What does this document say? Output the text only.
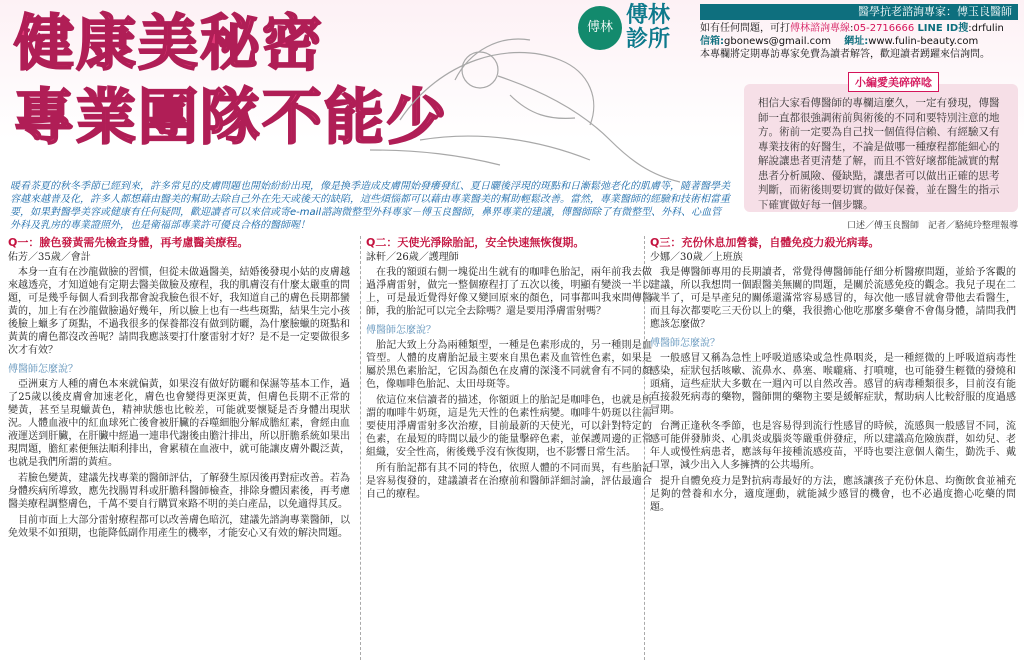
健康美秘密
專業團隊不能少
傅林 傅林
診所
醫學抗老諮詢專家：傅玉良醫師
如有任何問題，可打傅林諮詢專線:05-2716666 LINE ID搜:drfulin
信箱:gbonews@gmail.com 　 網址:www.fulin-beauty.com
本專欄將定期專訪專家免費為讀者解答，歡迎讀者踴躍來信詢問。
相信大家看傳醫師的專欄這麼久，一定有發現，傳醫師一直都很強調術前與術後的不同和要特別注意的地方。術前一定要為自己找一個值得信賴、有經驗又有專業技術的好醫生，不論是做哪一種療程都能細心的解說讓患者更清楚了解，而且不管好壞都能誠實的幫患者分析風險、優缺點，讓患者可以做出正確的思考判斷，而術後則要切實的做好保養，並在醫生的指示下確實做好每一個步驟。
小編愛美碎碎唸
口述／傅玉良醫師　記者／駱純玲整理報導
暖看茶夏的秋冬季節已經到來，許多常見的皮膚問題也開始紛紛出現，像是換季造成皮膚開始發癢發紅、夏日曬後浮現的斑點和日漸鬆弛老化的肌膚等，隨著醫學美容越來越普及化，許多人都想藉由醫美的幫助去除自己外在先天或後天的缺陷，這些煩惱都可以藉由專業醫美的幫助輕鬆改善。當然，專業醫師的經驗和技術相當重要，如果對醫學美容或健康有任何疑問，歡迎讀者可以來信或寄e-mail諮詢微整型外科專家－傅玉良醫師，鼻界專業的建議，傳醫師除了有微整型、外科、心血管外科及乳房的專業證照外，也是衛福部專業許可優良合格的醫師喔！
Q一：臉色發黃需先檢查身體，再考慮醫美療程。
佑芳／35歲／會計
本身一直有在沙龍做臉的習慣，但從未做過醫美，結婚後發現小姑的皮膚越來越透亮，才知道她有定期去醫美做臉及療程，我的肌膚沒有什麼太嚴重的問題，可是幾乎每個人看到我都會說我臉色很不好，我知道自己的膚色長期都蠻黃的，加上有在沙龍做臉過好幾年，所以臉上也有一些些斑點，結果生完小孩後臉上蠟多了斑點，不過我很多的保養都沒有做到防曬，為什麼臉蠟的斑點和黃黃的膚色都沒改善呢？請問我應該要打什麼雷射才好？是不是一定要做很多次才有效？
傅醫師怎麼說？
亞洲東方人種的膚色本來就偏黃，如果沒有做好防曬和保濕等基本工作，過了25歲以後皮膚會加速老化，膚色也會變得更深更黃，但膚色長期不正常的變黃，甚至呈現蠟黃色，精神狀態也比較差，可能就要懷疑是否身體出現狀況。人體血液中的紅血球死亡後會被肝臟的吞噬細胞分解成膽紅素，會經由血液運送到肝臟，在肝臟中經過一連串代謝後由膽汁排出，所以肝膽系統如果出現問題，膽紅素便無法順利排出，會累積在血液中，就可能讓皮膚外觀泛黃，也就是我們所謂的黃疸。
若臉色變黃，建議先找專業的醫師評估，了解發生原因後再對症改善。若為身體疾病所導致，應先找腸胃科或肝膽科醫師檢查，排除身體因素後，再考慮醫美療程調整膚色，千萬不要自行購買來路不明的美白產品，以免適得其反。
目前市面上大部分雷射療程都可以改善膚色暗沉，建議先諮詢專業醫師，以免效果不如預期，也能降低副作用產生的機率，才能安心又有效的解決問題。
Q二：天使光淨除胎記，安全快速無恢復期。
詠軒／26歲／護理師
在我的額頭右側一塊從出生就有的咖啡色胎記，兩年前我去做過淨膚雷射，做完一整個療程打了五次以後，明顯有變淡一半以上，可是最近覺得好像又變回原來的顏色，同事都叫我來問傳醫師，我的胎記可以完全去除嗎？還是要用淨膚雷射嗎？
傅醫師怎麼說？
胎記大致上分為兩種類型，一種是色素形成的，另一種則是血管型。人體的皮膚胎記最主要來自黑色素及血管性色素，如果是屬於黑色素胎記，它因為顏色在皮膚的深淺不同就會有不同的顏色，像咖啡色胎記、太田母斑等。
依這位來信讀者的描述，你額頭上的胎記是咖啡色，也就是所謂的咖啡牛奶斑，這是先天性的色素性病變。咖啡牛奶斑以往需要使用淨膚雷射多次治療，目前最新的天使光，可以針對特定的色素，在最短的時間以最少的能量擊碎色素，並保護周邊的正常組織，安全性高，術後幾乎沒有恢復期，也不影響日常生活。
所有胎記都有其不同的特色，依照人體的不同而異，有些胎記是容易復發的，建議讀者在治療前和醫師詳細討論，評估最適合自己的療程。
Q三：充份休息加營養，自體免疫力殺光病毒。
少娜／30歲／上班族
我是傳醫師專用的長期讀者，常覺得傳醫師能仔細分析醫療問題，並給予客觀的建議，所以我想問一個跟醫美無關的問題，是關於流感免疫的觀念。我兒子現在二歲半了，可是早產兒的關係還滿常容易感冒的，每次他一感冒就會帶他去看醫生，而且每次都要吃三天份以上的藥，我很擔心他吃那麼多藥會不會傷身體，請問我們應該怎麼做？
傅醫師怎麼說？
一般感冒又稱為急性上呼吸道感染或急性鼻咽炎，是一種經微的上呼吸道病毒性感染，症狀包括咳嗽、流鼻水、鼻塞、喉嚨痛、打噴嚏，也可能發生輕微的發燒和頭痛，這些症狀大多數在一週內可以自然改善。感冒的病毒種類很多，目前沒有能直接殺死病毒的藥物，醫師開的藥物主要是緩解症狀，幫助病人比較舒服的度過感冒期。
台灣正逢秋冬季節，也是容易得到流行性感冒的時候，流感與一般感冒不同，流感可能併發肺炎、心肌炎或腦炎等嚴重併發症，所以建議高危險族群，如幼兒、老年人或慢性病患者，應該每年接種流感疫苗，平時也要注意個人衛生，勤洗手、戴口罩，減少出入人多擁擠的公共場所。
提升自體免疫力是對抗病毒最好的方法，應該讓孩子充份休息、均衡飲食並補充足夠的營養和水分，適度運動，就能減少感冒的機會，也不必過度擔心吃藥的問題。
